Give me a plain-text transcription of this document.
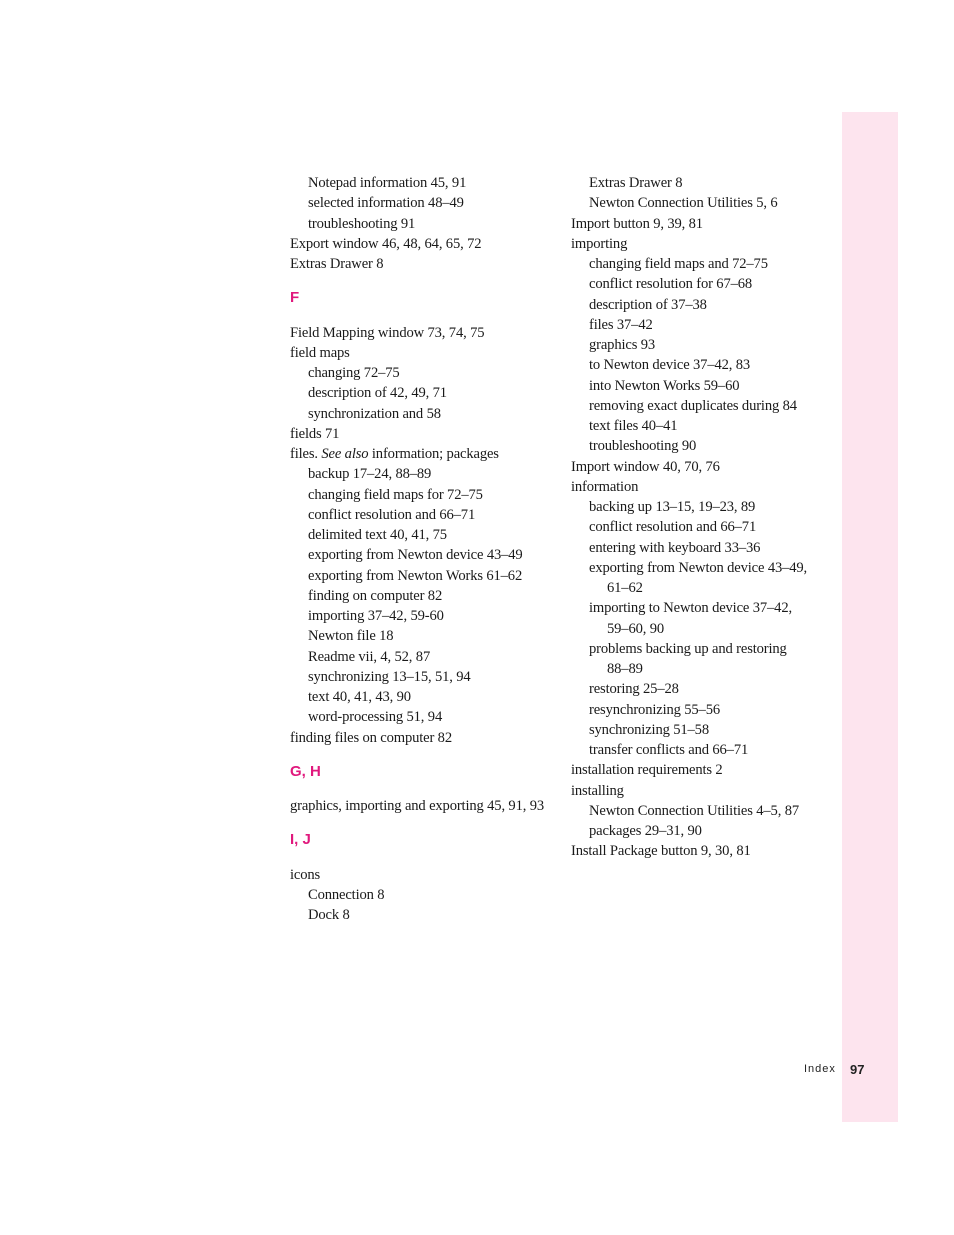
Notepad information 45, 91
selected information 48–49
troubleshooting 91
Export window 46, 48, 64, 65, 72
Extras Drawer 8
F
Field Mapping window 73, 74, 75
field maps
changing 72–75
description of 42, 49, 71
synchronization and 58
fields 71
files. See also information; packages
backup 17–24, 88–89
changing field maps for 72–75
conflict resolution and 66–71
delimited text 40, 41, 75
exporting from Newton device 43–49
exporting from Newton Works 61–62
finding on computer 82
importing 37–42, 59-60
Newton file 18
Readme vii, 4, 52, 87
synchronizing 13–15, 51, 94
text 40, 41, 43, 90
word-processing 51, 94
finding files on computer 82
G, H
graphics, importing and exporting 45, 91, 93
I, J
icons
Connection 8
Dock 8
Extras Drawer 8
Newton Connection Utilities 5, 6
Import button 9, 39, 81
importing
changing field maps and 72–75
conflict resolution for 67–68
description of 37–38
files 37–42
graphics 93
to Newton device 37–42, 83
into Newton Works 59–60
removing exact duplicates during 84
text files 40–41
troubleshooting 90
Import window 40, 70, 76
information
backing up 13–15, 19–23, 89
conflict resolution and 66–71
entering with keyboard 33–36
exporting from Newton device 43–49,
61–62
importing to Newton device 37–42,
59–60, 90
problems backing up and restoring
88–89
restoring 25–28
resynchronizing 55–56
synchronizing 51–58
transfer conflicts and 66–71
installation requirements 2
installing
Newton Connection Utilities 4–5, 87
packages 29–31, 90
Install Package button 9, 30, 81
Index 97
